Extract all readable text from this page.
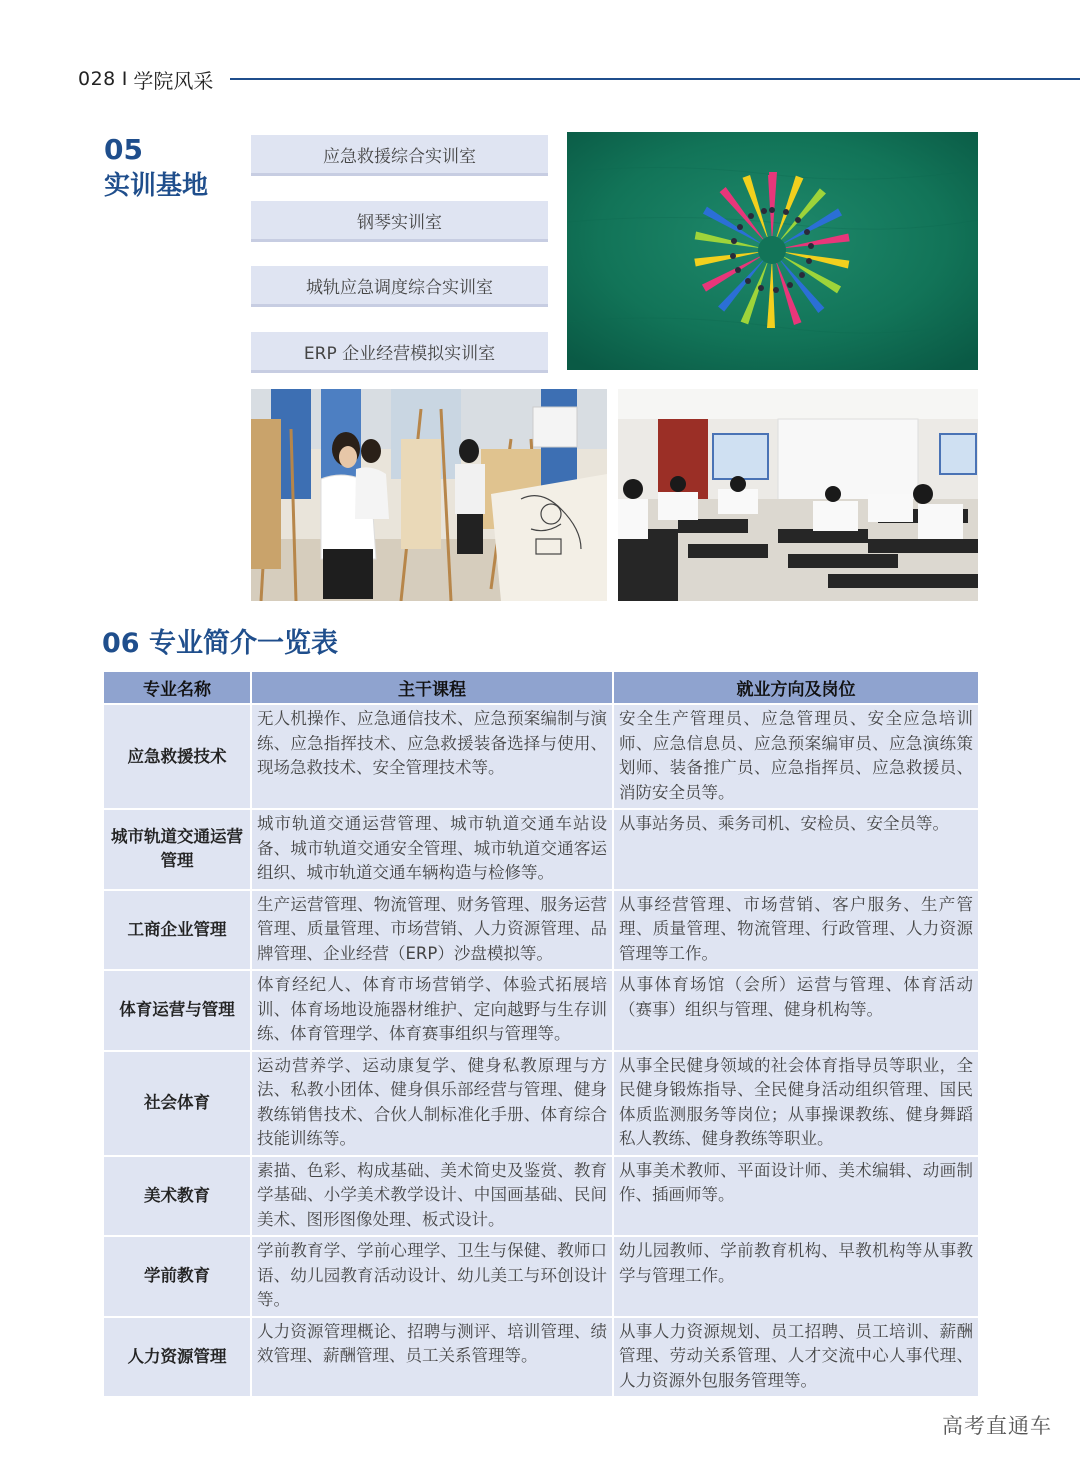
028 I 学院风采
05
实训基地
应急救援综合实训室
钢琴实训室
城轨应急调度综合实训室
ERP 企业经营模拟实训室
06 专业简介一览表
专业名称	主干课程	就业方向及岗位
应急救援技术	无人机操作、应急通信技术、应急预案编制与演练、应急指挥技术、应急救援装备选择与使用、现场急救技术、安全管理技术等。	安全生产管理员、应急管理员、安全应急培训师、应急信息员、应急预案编审员、应急演练策划师、装备推广员、应急指挥员、应急救援员、消防安全员等。
城市轨道交通运营管理	城市轨道交通运营管理、城市轨道交通车站设备、城市轨道交通安全管理、城市轨道交通客运组织、城市轨道交通车辆构造与检修等。	从事站务员、乘务司机、安检员、安全员等。
工商企业管理	生产运营管理、物流管理、财务管理、服务运营管理、质量管理、市场营销、人力资源管理、品牌管理、企业经营（ERP）沙盘模拟等。	从事经营管理、市场营销、客户服务、生产管理、质量管理、物流管理、行政管理、人力资源管理等工作。
体育运营与管理	体育经纪人、体育市场营销学、体验式拓展培训、体育场地设施器材维护、定向越野与生存训练、体育管理学、体育赛事组织与管理等。	从事体育场馆（会所）运营与管理、体育活动（赛事）组织与管理、健身机构等。
社会体育	运动营养学、运动康复学、健身私教原理与方法、私教小团体、健身俱乐部经营与管理、健身教练销售技术、合伙人制标准化手册、体育综合技能训练等。	从事全民健身领域的社会体育指导员等职业，全民健身锻炼指导、全民健身活动组织管理、国民体质监测服务等岗位；从事操课教练、健身舞蹈私人教练、健身教练等职业。
美术教育	素描、色彩、构成基础、美术简史及鉴赏、教育学基础、小学美术教学设计、中国画基础、民间美术、图形图像处理、板式设计。	从事美术教师、平面设计师、美术编辑、动画制作、插画师等。
学前教育	学前教育学、学前心理学、卫生与保健、教师口语、幼儿园教育活动设计、幼儿美工与环创设计等。	幼儿园教师、学前教育机构、早教机构等从事教学与管理工作。
人力资源管理	人力资源管理概论、招聘与测评、培训管理、绩效管理、薪酬管理、员工关系管理等。	从事人力资源规划、员工招聘、员工培训、薪酬管理、劳动关系管理、人才交流中心人事代理、人力资源外包服务管理等。
高考直通车
